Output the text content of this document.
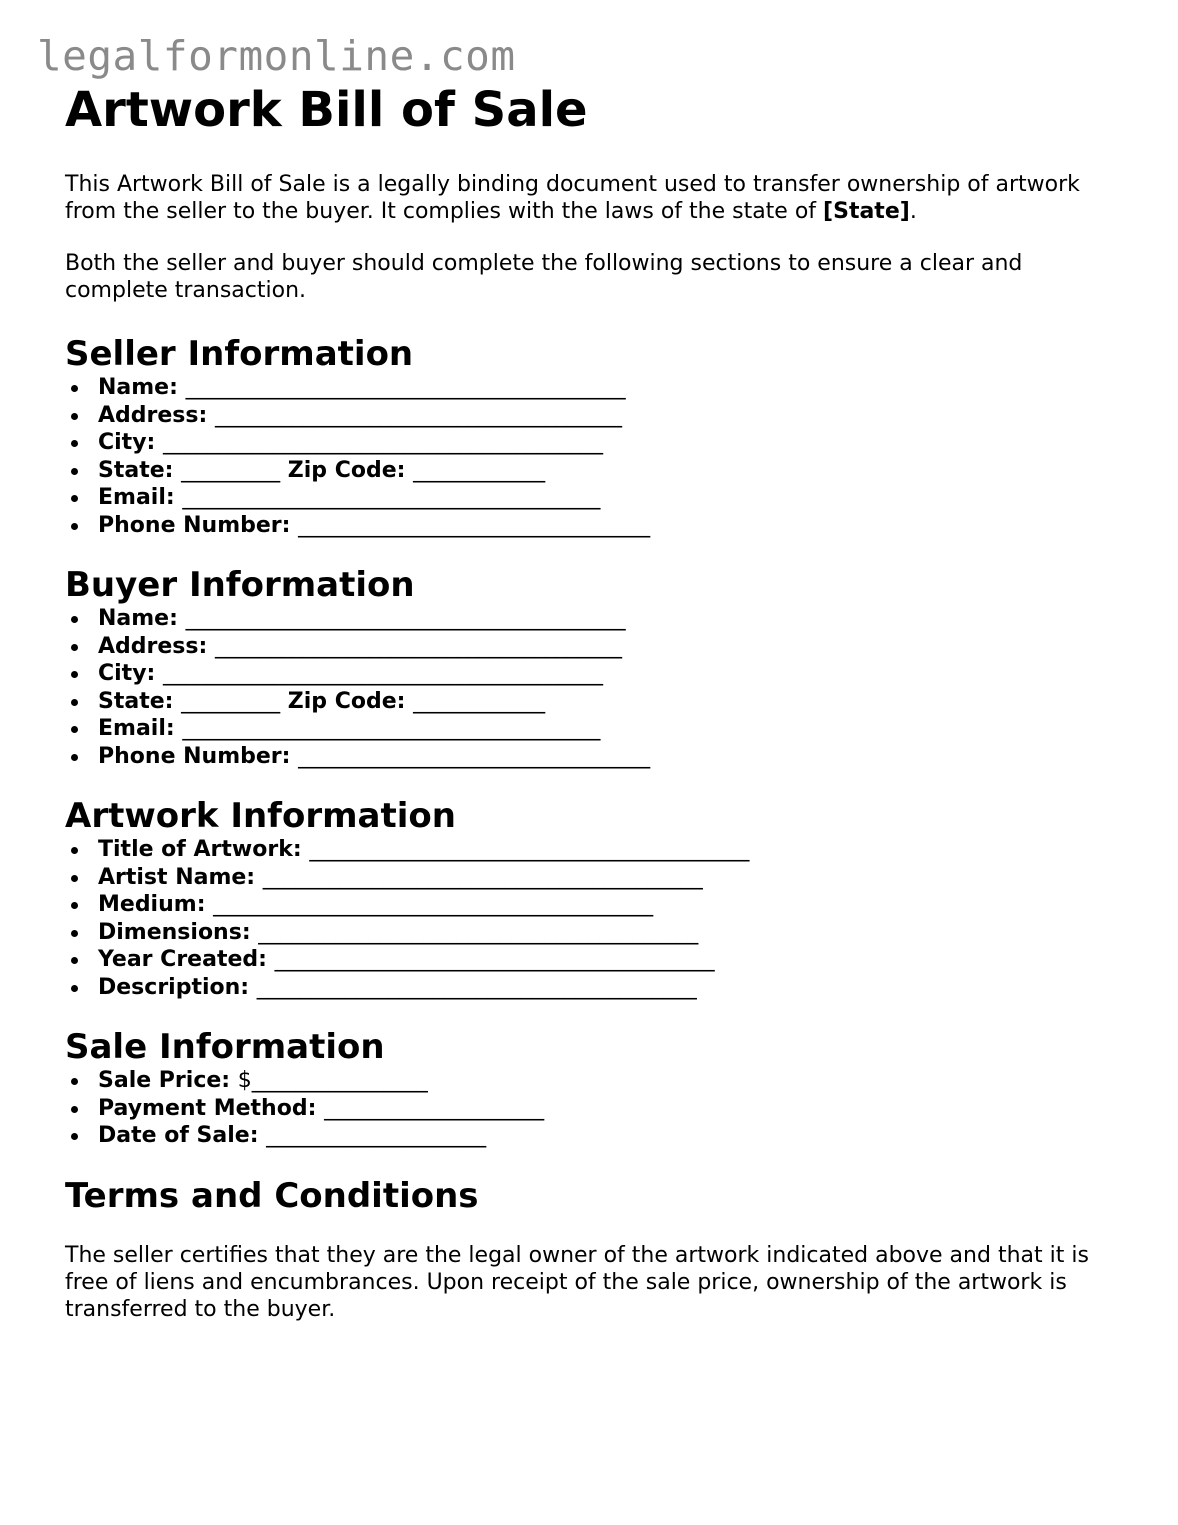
legalformonline.com
Artwork Bill of Sale

This Artwork Bill of Sale is a legally binding document used to transfer ownership of artwork from the seller to the buyer. It complies with the laws of the state of [State].

Both the seller and buyer should complete the following sections to ensure a clear and complete transaction.

Seller Information
Name: ________________________________________
Address: _____________________________________
City: ________________________________________
State: _________ Zip Code: ____________
Email: ______________________________________
Phone Number: ________________________________
Buyer Information
Name: ________________________________________
Address: _____________________________________
City: ________________________________________
State: _________ Zip Code: ____________
Email: ______________________________________
Phone Number: ________________________________
Artwork Information
Title of Artwork: ________________________________________
Artist Name: ________________________________________
Medium: ________________________________________
Dimensions: ________________________________________
Year Created: ________________________________________
Description: ________________________________________
Sale Information
Sale Price: $________________
Payment Method: ____________________
Date of Sale: ____________________
Terms and Conditions

The seller certifies that they are the legal owner of the artwork indicated above and that it is free of liens and encumbrances. Upon receipt of the sale price, ownership of the artwork is transferred to the buyer.
